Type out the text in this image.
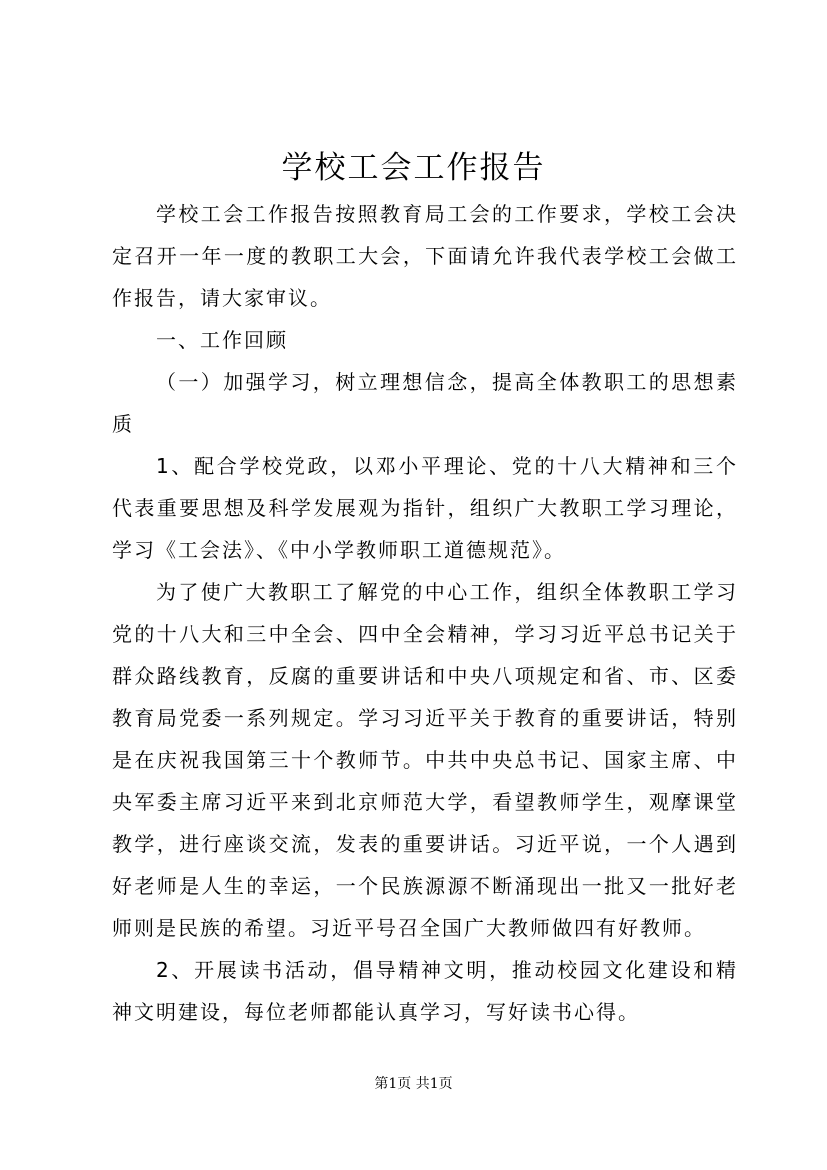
学校工会工作报告

学校工会工作报告按照教育局工会的工作要求，学校工会决定召开一年一度的教职工大会，下面请允许我代表学校工会做工作报告，请大家审议。

一、工作回顾

（一）加强学习，树立理想信念，提高全体教职工的思想素质

1、配合学校党政，以邓小平理论、党的十八大精神和三个代表重要思想及科学发展观为指针，组织广大教职工学习理论，学习《工会法》、《中小学教师职工道德规范》。

为了使广大教职工了解党的中心工作，组织全体教职工学习党的十八大和三中全会、四中全会精神，学习习近平总书记关于群众路线教育，反腐的重要讲话和中央八项规定和省、市、区委教育局党委一系列规定。学习习近平关于教育的重要讲话，特别是在庆祝我国第三十个教师节。中共中央总书记、国家主席、中央军委主席习近平来到北京师范大学，看望教师学生，观摩课堂教学，进行座谈交流，发表的重要讲话。习近平说，一个人遇到好老师是人生的幸运，一个民族源源不断涌现出一批又一批好老师则是民族的希望。习近平号召全国广大教师做四有好教师。

2、开展读书活动，倡导精神文明，推动校园文化建设和精神文明建设，每位老师都能认真学习，写好读书心得。

第1页 共1页
